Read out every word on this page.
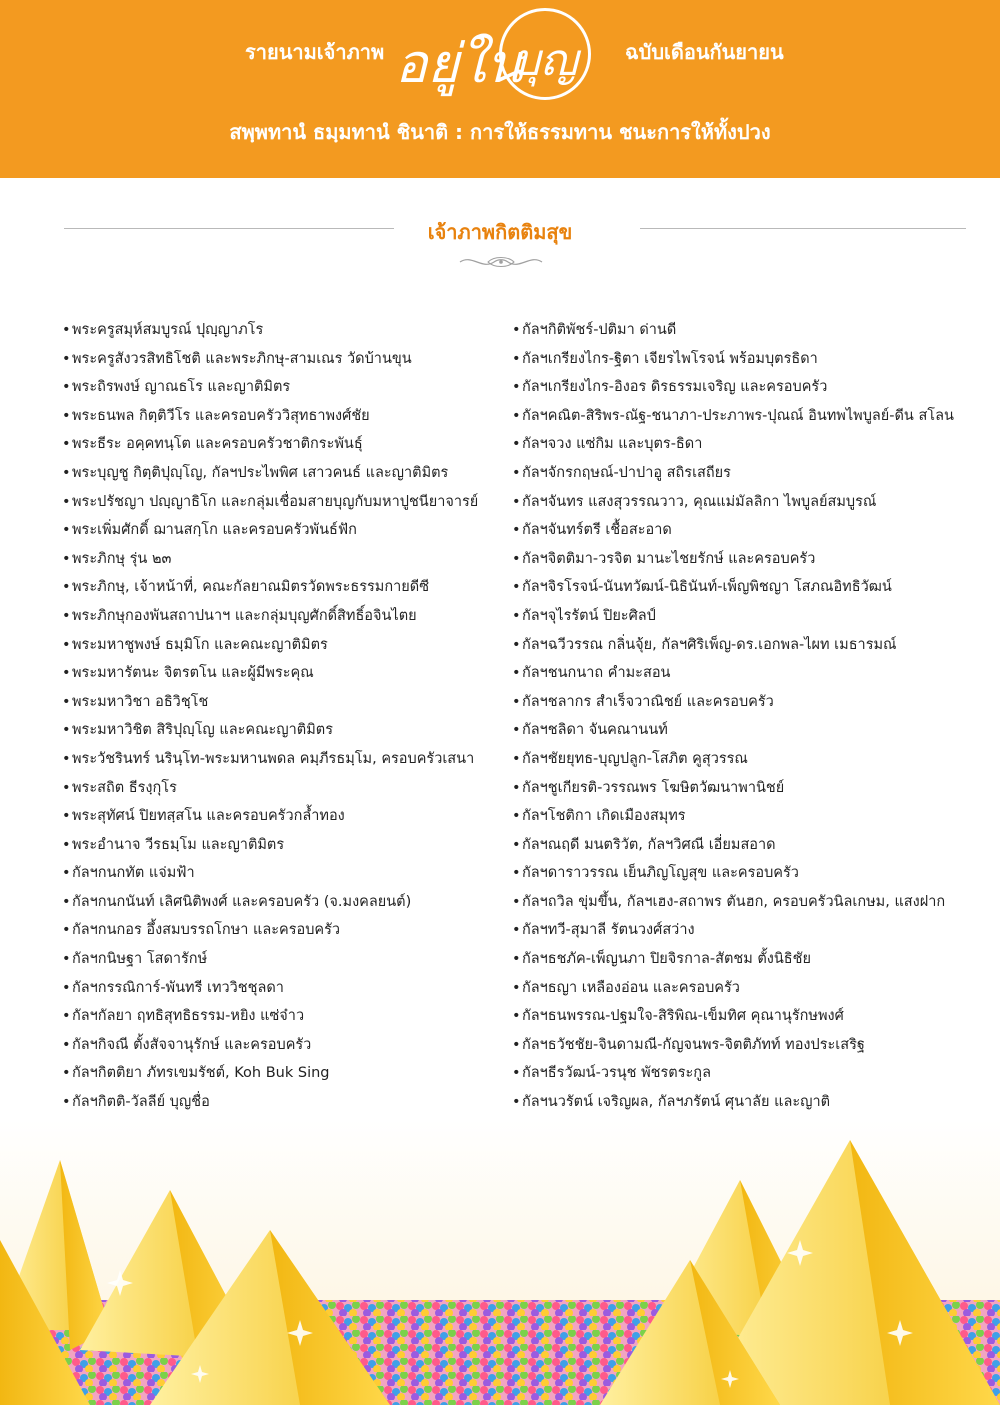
รายนามเจ้าภาพ อยู่ใน
บุญ	ฉบับเดือนกันยายน
สพฺพทานํ ธมฺมทานํ ชินาติ : การให้ธรรมทาน ชนะการให้ทั้งปวง
เจ้าภาพกิตติมสุข
• พระครูสมุห์สมบูรณ์ ปุญฺญาภโร
• พระครูสังวรสิทธิโชติ และพระภิกษุ-สามเณร วัดบ้านขุน
• พระถิรพงษ์ ญาณธโร และญาติมิตร
• พระธนพล กิตฺติวีโร และครอบครัววิสุทธาพงศ์ชัย
• พระธีระ อคฺคทนฺโต และครอบครัวชาติกระพันธุ์
• พระบุญชู กิตฺติปุญฺโญ, กัลฯประไพพิศ เสาวคนธ์ และญาติมิตร
• พระปรัชญา ปญฺญาธิโก และกลุ่มเชื่อมสายบุญกับมหาปูชนียาจารย์
• พระเพิ่มศักดิ์ ฌานสกฺโก และครอบครัวพันธ์ฟัก
• พระภิกษุ รุ่น ๒๓
• พระภิกษุ, เจ้าหน้าที่, คณะกัลยาณมิตรวัดพระธรรมกายดีซี
• พระภิกษุกองพันสถาปนาฯ และกลุ่มบุญศักดิ์สิทธิ์อจินไตย
• พระมหาชูพงษ์ ธมฺมิโก และคณะญาติมิตร
• พระมหารัตนะ จิตรตโน และผู้มีพระคุณ
• พระมหาวิชา อธิวิชฺโช
• พระมหาวิชิต สิริปุญฺโญ และคณะญาติมิตร
• พระวัชรินทร์ นรินฺโท-พระมหานพดล คมฺภีรธมฺโม, ครอบครัวเสนา
• พระสถิต ธีรงฺกุโร
• พระสุทัศน์ ปิยทสฺสโน และครอบครัวกล้ำทอง
• พระอำนาจ วีรธมฺโม และญาติมิตร
• กัลฯกนกทัต แจ่มฟ้า
• กัลฯกนกนันท์ เลิศนิติพงศ์ และครอบครัว (จ.มงคลยนต์)
• กัลฯกนกอร อึ้งสมบรรถโกษา และครอบครัว
• กัลฯกนิษฐา โสดารักษ์
• กัลฯกรรณิการ์-พันทรี เทววิชชุลดา
• กัลฯกัลยา ฤทธิสุทธิธรรม-หยิง แซ่จ๋าว
• กัลฯกิจณี ตั้งสัจจานุรักษ์ และครอบครัว
• กัลฯกิตติยา ภัทรเขมรัชต์, Koh Buk Sing
• กัลฯกิตติ-วัลลีย์ บุญชื่อ
• กัลฯกิติพัชร์-ปติมา ด่านดี
• กัลฯเกรียงไกร-ฐิตา เจียรไพโรจน์ พร้อมบุตรธิดา
• กัลฯเกรียงไกร-อิงอร ดิรธรรมเจริญ และครอบครัว
• กัลฯคณิต-สิริพร-ณัฐ-ชนาภา-ประภาพร-ปุณณ์ อินทพไพบูลย์-ดีน สโลน
• กัลฯจวง แซ่กิม และบุตร-ธิดา
• กัลฯจักรกฤษณ์-ปาปาอู สถิรเสถียร
• กัลฯจันทร แสงสุวรรณวาว, คุณแม่มัลลิกา ไพบูลย์สมบูรณ์
• กัลฯจันทร์ตรี เชื้อสะอาด
• กัลฯจิตติมา-วรจิต มานะไชยรักษ์ และครอบครัว
• กัลฯจิรโรจน์-นันทวัฒน์-นิธินันท์-เพ็ญพิชญา โสภณอิทธิวัฒน์
• กัลฯจุไรรัตน์ ปิยะศิลป์
• กัลฯฉวีวรรณ กลิ่นจุ้ย, กัลฯศิริเพ็ญ-ดร.เอกพล-ไผท เมธารมณ์
• กัลฯชนกนาถ คำมะสอน
• กัลฯชลากร สำเร็จวาณิชย์ และครอบครัว
• กัลฯชลิดา จันคณานนท์
• กัลฯชัยยุทธ-บุญปลูก-โสภิต คูสุวรรณ
• กัลฯชูเกียรติ-วรรณพร โฆษิตวัฒนาพานิชย์
• กัลฯโชติกา เกิดเมืองสมุทร
• กัลฯณฤดี มนตริวัต, กัลฯวิศณี เอี่ยมสอาด
• กัลฯดาราวรรณ เย็นภิญโญสุข และครอบครัว
• กัลฯถวิล ขุ่มขึ้น, กัลฯเฮง-สถาพร ตันฮก, ครอบครัวนิลเกษม, แสงฝาก
• กัลฯทวี-สุมาลี รัตนวงศ์สว่าง
• กัลฯธชภัค-เพ็ญนภา ปิยจิรกาล-สัตชม ตั้งนิธิชัย
• กัลฯธญา เหลืองอ่อน และครอบครัว
• กัลฯธนพรรณ-ปฐมใจ-สิริพิณ-เข็มทิศ คุณานุรักษพงศ์
• กัลฯธวัชชัย-จินดามณี-กัญจนพร-จิตติภัทท์ ทองประเสริฐ
• กัลฯธีรวัฒน์-วรนุช พัชรตระกูล
• กัลฯนวรัตน์ เจริญผล, กัลฯภรัตน์ ศุนาลัย และญาติ
